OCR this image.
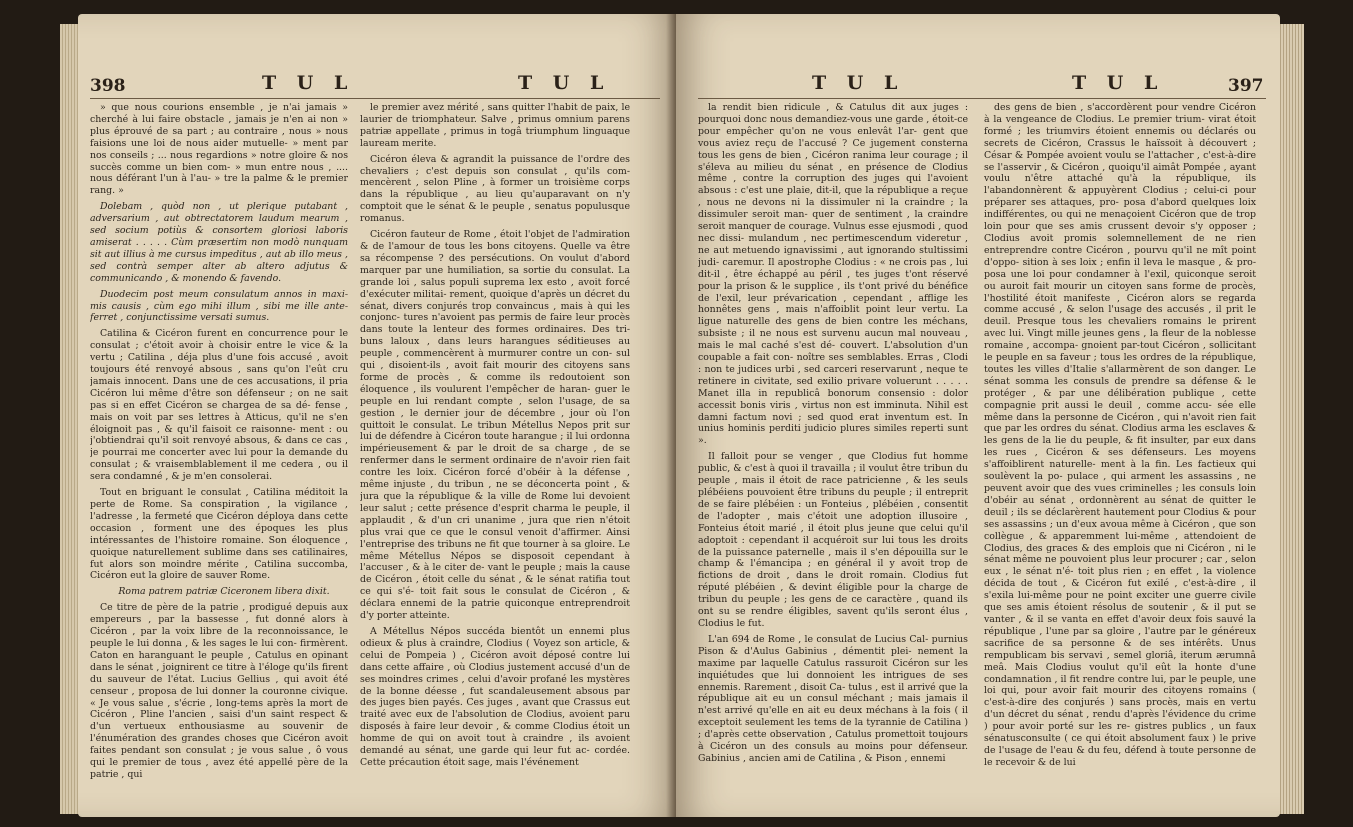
398	T U L	T U L

» que nous courions ensemble , je n'ai jamais » cherché à lui faire obstacle , jamais je n'en ai non » plus éprouvé de sa part ; au contraire , nous » nous faisions une loi de nous aider mutuelle- » ment par nos conseils ; ... nous regardions » notre gloire & nos succès comme un bien com- » mun entre nous , .... nous déférant l'un à l'au- » tre la palme & le premier rang. »

Dolebam , quòd non , ut plerique putabant , adversarium , aut obtrectatorem laudum mearum , sed socium potiùs & consortem gloriosi laboris amiserat . . . . . Cùm præsertim non modò nunquam sit aut illius à me cursus impeditus , aut ab illo meus , sed contrà semper alter ab altero adjutus & communicando , & monendo & favendo.

Duodecim post meum consulatum annos in maxi- mis causis , cùm ego mihi illum , sibi me ille ante- ferret , conjunctissime versati sumus.

Catilina & Cicéron furent en concurrence pour le consulat ; c'étoit avoir à choisir entre le vice & la vertu ; Catilina , déja plus d'une fois accusé , avoit toujours été renvoyé absous , sans qu'on l'eût cru jamais innocent. Dans une de ces accusations, il pria Cicéron lui même d'être son défenseur ; on ne sait pas si en effet Cicéron se chargea de sa dé- fense , mais on voit par ses lettres à Atticus, qu'il ne s'en éloignoit pas , & qu'il faisoit ce raisonne- ment : ou j'obtiendrai qu'il soit renvoyé absous, & dans ce cas , je pourrai me concerter avec lui pour la demande du consulat ; & vraisemblablement il me cedera , ou il sera condamné , & je m'en consolerai.

Tout en briguant le consulat , Catilina méditoit la perte de Rome. Sa conspiration , la vigilance , l'adresse , la fermeté que Cicéron déploya dans cette occasion , forment une des époques les plus intéressantes de l'histoire romaine. Son éloquence , quoique naturellement sublime dans ses catilinaires, fut alors son moindre mérite , Catilina succomba, Cicéron eut la gloire de sauver Rome.

Roma patrem patriæ Ciceronem libera dixit.

Ce titre de père de la patrie , prodigué depuis aux empereurs , par la bassesse , fut donné alors à Cicéron , par la voix libre de la reconnoissance, le peuple le lui donna , & les sages le lui con- firmèrent. Caton en haranguant le peuple , Catulus en opinant dans le sénat , joignirent ce titre à l'éloge qu'ils firent du sauveur de l'état. Lucius Gellius , qui avoit été censeur , proposa de lui donner la couronne civique. « Je vous salue , s'écrie , long-tems après la mort de Cicéron , Pline l'ancien , saisi d'un saint respect & d'un vertueux enthousiasme au souvenir de l'énumération des grandes choses que Cicéron avoit faites pendant son consulat ; je vous salue , ô vous qui le premier de tous , avez été appellé père de la patrie , qui

le premier avez mérité , sans quitter l'habit de paix, le laurier de triomphateur. Salve , primus omnium parens patriæ appellate , primus in togâ triumphum linguaque lauream merite.

Cicéron éleva & agrandit la puissance de l'ordre des chevaliers ; c'est depuis son consulat , qu'ils com- mencèrent , selon Pline , à former un troisième corps dans la république , au lieu qu'auparavant on n'y comptoit que le sénat & le peuple , senatus populusque romanus.

Cicéron fauteur de Rome , étoit l'objet de l'admiration & de l'amour de tous les bons citoyens. Quelle va être sa récompense ? des persécutions. On voulut d'abord marquer par une humiliation, sa sortie du consulat. La grande loi , salus populi suprema lex esto , avoit forcé d'exécuter militai- rement, quoique d'après un décret du sénat, divers conjurés trop convaincus , mais à qui les conjonc- tures n'avoient pas permis de faire leur procès dans toute la lenteur des formes ordinaires. Des tri- buns laloux , dans leurs harangues séditieuses au peuple , commencèrent à murmurer contre un con- sul qui , disoient-ils , avoit fait mourir des citoyens sans forme de procès , & comme ils redoutoient son éloquence , ils voulurent l'empêcher de haran- guer le peuple en lui rendant compte , selon l'usage, de sa gestion , le dernier jour de décembre , jour où l'on quittoit le consulat. Le tribun Métellus Nepos prit sur lui de défendre à Cicéron toute harangue ; il lui ordonna impérieusement & par le droit de sa charge , de se renfermer dans le serment ordinaire de n'avoir rien fait contre les loix. Cicéron forcé d'obéir à la défense , même injuste , du tribun , ne se déconcerta point , & jura que la république & la ville de Rome lui devoient leur salut ; cette présence d'esprit charma le peuple, il applaudit , & d'un cri unanime , jura que rien n'étoit plus vrai que ce que le consul venoit d'affirmer. Ainsi l'entreprise des tribuns ne fit que tourner à sa gloire. Le même Métellus Népos se disposoit cependant à l'accuser , & à le citer de- vant le peuple ; mais la cause de Cicéron , étoit celle du sénat , & le sénat ratifia tout ce qui s'é- toit fait sous le consulat de Cicéron , & déclara ennemi de la patrie quiconque entreprendroit d'y porter atteinte.

A Métellus Népos succéda bientôt un ennemi plus odieux & plus à craindre, Clodius ( Voyez son article, & celui de Pompeia ) , Cicéron avoit déposé contre lui dans cette affaire , où Clodius justement accusé d'un de ses moindres crimes , celui d'avoir profané les mystères de la bonne déesse , fut scandaleusement absous par des juges bien payés. Ces juges , avant que Crassus eut traité avec eux de l'absolution de Clodius, avoient paru disposés à faire leur devoir , & comme Clodius étoit un homme de qui on avoit tout à craindre , ils avoient demandé au sénat, une garde qui leur fut ac- cordée. Cette précaution étoit sage, mais l'événement

T U L	T U L	397

la rendit bien ridicule , & Catulus dit aux juges : pourquoi donc nous demandiez-vous une garde , étoit-ce pour empêcher qu'on ne vous enlevât l'ar- gent que vous aviez reçu de l'accusé ? Ce jugement consterna tous les gens de bien , Cicéron ranima leur courage ; il s'éleva au milieu du sénat , en présence de Clodius même , contre la corruption des juges qui l'avoient absous : c'est une plaie, dit-il, que la république a reçue , nous ne devons ni la dissimuler ni la craindre ; la dissimuler seroit man- quer de sentiment , la craindre seroit manquer de courage. Vulnus esse ejusmodi , quod nec dissi- mulandum , nec pertimescendum videretur , ne aut metuendo ignavissimi , aut ignorando stultissimi judi- caremur. Il apostrophe Clodius : « ne crois pas , lui dit-il , être échappé au péril , tes juges t'ont réservé pour la prison & le supplice , ils t'ont privé du bénéfice de l'exil, leur prévarication , cependant , afflige les honnêtes gens , mais n'affoiblit point leur vertu. La ligue naturelle des gens de bien contre les méchans, subsiste ; il ne nous est survenu aucun mal nouveau , mais le mal caché s'est dé- couvert. L'absolution d'un coupable a fait con- noître ses semblables. Erras , Clodi : non te judices urbi , sed carceri reservarunt , neque te retinere in civitate, sed exilio privare voluerunt . . . . . Manet illa in republicâ bonorum consensio : dolor accessit bonis viris , virtus non est imminuta. Nihil est damni factum novi ; sed quod erat inventum est. In unius hominis perditi judicio plures similes reperti sunt ».

Il falloit pour se venger , que Clodius fut homme public, & c'est à quoi il travailla ; il voulut être tribun du peuple , mais il étoit de race patricienne , & les seuls plébéiens pouvoient être tribuns du peuple ; il entreprit de se faire plébéien : un Fonteius , plébéien , consentit de l'adopter , mais c'étoit une adoption illusoire , Fonteius étoit marié , il étoit plus jeune que celui qu'il adoptoit : cependant il acquéroit sur lui tous les droits de la puissance paternelle , mais il s'en dépouilla sur le champ & l'émancipa ; en général il y avoit trop de fictions de droit , dans le droit romain. Clodius fut réputé plébéien , & devint éligible pour la charge de tribun du peuple ; les gens de ce caractère , quand ils ont su se rendre éligibles, savent qu'ils seront élus , Clodius le fut.

L'an 694 de Rome , le consulat de Lucius Cal- purnius Pison & d'Aulus Gabinius , démentit plei- nement la maxime par laquelle Catulus rassuroit Cicéron sur les inquiétudes que lui donnoient les intrigues de ses ennemis. Rarement , disoit Ca- tulus , est il arrivé que la république ait eu un consul méchant ; mais jamais il n'est arrivé qu'elle en ait eu deux méchans à la fois ( il exceptoit seulement les tems de la tyrannie de Catilina ) ; d'après cette observation , Catulus promettoit toujours à Cicéron un des consuls au moins pour défenseur. Gabinius , ancien ami de Catilina , & Pison , ennemi

des gens de bien , s'accordèrent pour vendre Cicéron à la vengeance de Clodius. Le premier trium- virat étoit formé ; les triumvirs étoient ennemis ou déclarés ou secrets de Cicéron, Crassus le haïssoit à découvert ; César & Pompée avoient voulu se l'attacher , c'est-à-dire se l'asservir , & Cicéron , quoiqu'il aimât Pompée , ayant voulu n'être attaché qu'à la république, ils l'abandonnèrent & appuyèrent Clodius ; celui-ci pour préparer ses attaques, pro- posa d'abord quelques loix indifférentes, ou qui ne menaçoient Cicéron que de trop loin pour que ses amis crussent devoir s'y opposer ; Clodius avoit promis solemnellement de ne rien entreprendre contre Cicéron , pourvu qu'il ne mît point d'oppo- sition à ses loix ; enfin il leva le masque , & pro- posa une loi pour condamner à l'exil, quiconque seroit ou auroit fait mourir un citoyen sans forme de procès, l'hostilité étoit manifeste , Cicéron alors se regarda comme accusé , & selon l'usage des accusés , il prit le deuil. Presque tous les chevaliers romains le prirent avec lui. Vingt mille jeunes gens , la fleur de la noblesse romaine , accompa- gnoient par-tout Cicéron , sollicitant le peuple en sa faveur ; tous les ordres de la république, toutes les villes d'Italie s'allarmèrent de son danger. Le sénat somma les consuls de prendre sa défense & le protéger , & par une délibération publique , cette compagnie prit aussi le deuil , comme accu- sée elle même dans la personne de Cicéron , qui n'avoit rien fait que par les ordres du sénat. Clodius arma les esclaves & les gens de la lie du peuple, & fit insulter, par eux dans les rues , Cicéron & ses défenseurs. Les moyens s'affoiblirent naturelle- ment à la fin. Les factieux qui soulèvent la po- pulace , qui arment les assassins , ne peuvent avoir que des vues criminelles ; les consuls loin d'obéir au sénat , ordonnèrent au sénat de quitter le deuil ; ils se déclarèrent hautement pour Clodius & pour ses assassins ; un d'eux avoua même à Cicéron , que son collègue , & apparemment lui-même , attendoient de Clodius, des graces & des emplois que ni Cicéron , ni le sénat même ne pouvoient plus leur procurer ; car , selon eux , le sénat n'é- toit plus rien ; en effet , la violence décida de tout , & Cicéron fut exilé , c'est-à-dire , il s'exila lui-même pour ne point exciter une guerre civile que ses amis étoient résolus de soutenir , & il put se vanter , & il se vanta en effet d'avoir deux fois sauvé la république , l'une par sa gloire , l'autre par le généreux sacrifice de sa personne & de ses intérêts. Unus rempublicam bis servavi , semel gloriâ, iterum ærumnâ meâ. Mais Clodius voulut qu'il eût la honte d'une condamnation , il fit rendre contre lui, par le peuple, une loi qui, pour avoir fait mourir des citoyens romains ( c'est-à-dire des conjurés ) sans procès, mais en vertu d'un décret du sénat , rendu d'après l'évidence du crime ) pour avoir porté sur les re- gistres publics , un faux sénatusconsulte ( ce qui étoit absolument faux ) le prive de l'usage de l'eau & du feu, défend à toute personne de le recevoir & de lui
